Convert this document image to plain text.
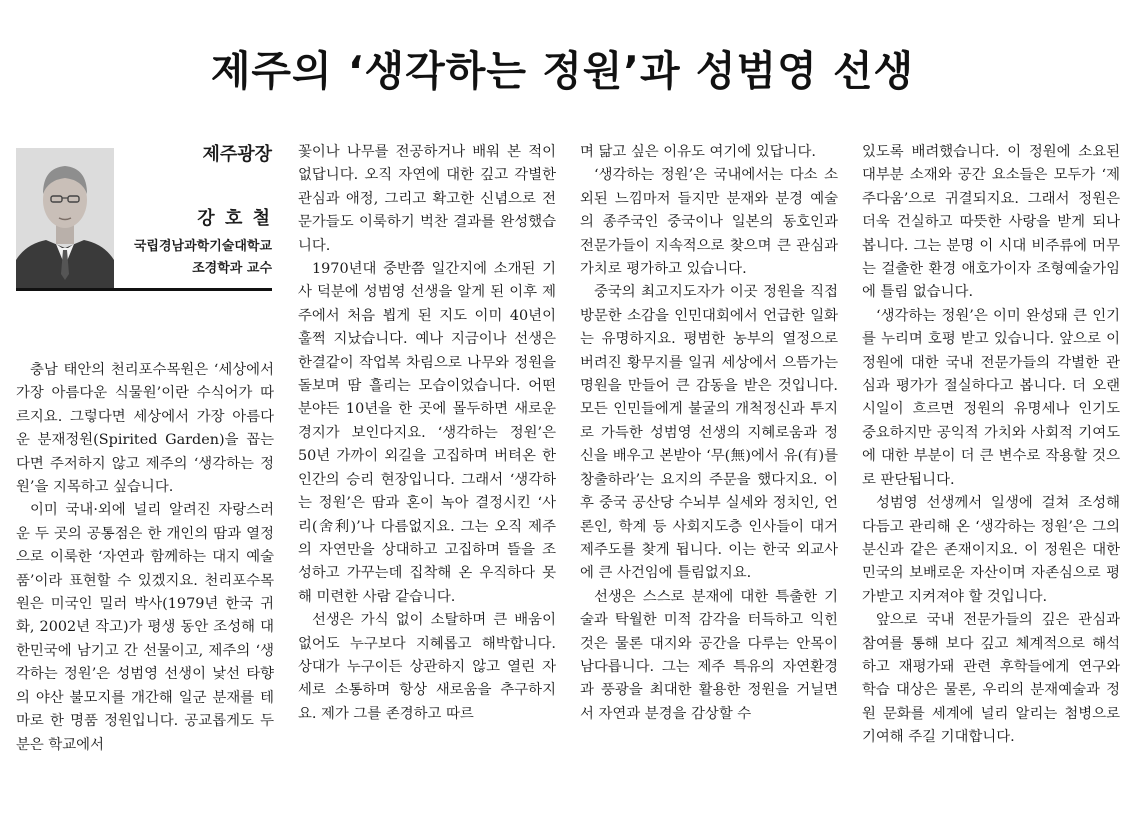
제주의 ‘생각하는 정원’과 성범영 선생
제주광장
강 호 철
국립경남과학기술대학교
조경학과 교수

충남 태안의 천리포수목원은 ‘세상에서 가장 아름다운 식물원’이란 수식어가 따르지요. 그렇다면 세상에서 가장 아름다운 분재정원(Spirited Garden)을 꼽는다면 주저하지 않고 제주의 ‘생각하는 정원’을 지목하고 싶습니다.

이미 국내·외에 널리 알려진 자랑스러운 두 곳의 공통점은 한 개인의 땀과 열정으로 이룩한 ‘자연과 함께하는 대지 예술품’이라 표현할 수 있겠지요. 천리포수목원은 미국인 밀러 박사(1979년 한국 귀화, 2002년 작고)가 평생 동안 조성해 대한민국에 남기고 간 선물이고, 제주의 ‘생각하는 정원’은 성범영 선생이 낯선 타향의 야산 불모지를 개간해 일군 분재를 테마로 한 명품 정원입니다. 공교롭게도 두 분은 학교에서

꽃이나 나무를 전공하거나 배워 본 적이 없답니다. 오직 자연에 대한 깊고 각별한 관심과 애정, 그리고 확고한 신념으로 전문가들도 이룩하기 벅찬 결과를 완성했습니다.

1970년대 중반쯤 일간지에 소개된 기사 덕분에 성범영 선생을 알게 된 이후 제주에서 처음 뵙게 된 지도 이미 40년이 훌쩍 지났습니다. 예나 지금이나 선생은 한결같이 작업복 차림으로 나무와 정원을 돌보며 땀 흘리는 모습이었습니다. 어떤 분야든 10년을 한 곳에 몰두하면 새로운 경지가 보인다지요. ‘생각하는 정원’은 50년 가까이 외길을 고집하며 버텨온 한 인간의 승리 현장입니다. 그래서 ‘생각하는 정원’은 땀과 혼이 녹아 결정시킨 ‘사리(舍利)’나 다름없지요. 그는 오직 제주의 자연만을 상대하고 고집하며 뜰을 조성하고 가꾸는데 집착해 온 우직하다 못 해 미련한 사람 같습니다.

선생은 가식 없이 소탈하며 큰 배움이 없어도 누구보다 지혜롭고 해박합니다. 상대가 누구이든 상관하지 않고 열린 자세로 소통하며 항상 새로움을 추구하지요. 제가 그를 존경하고 따르

며 닮고 싶은 이유도 여기에 있답니다.

‘생각하는 정원’은 국내에서는 다소 소외된 느낌마저 들지만 분재와 분경 예술의 종주국인 중국이나 일본의 동호인과 전문가들이 지속적으로 찾으며 큰 관심과 가치로 평가하고 있습니다.

중국의 최고지도자가 이곳 정원을 직접 방문한 소감을 인민대회에서 언급한 일화는 유명하지요. 평범한 농부의 열정으로 버려진 황무지를 일궈 세상에서 으뜸가는 명원을 만들어 큰 감동을 받은 것입니다. 모든 인민들에게 불굴의 개척정신과 투지로 가득한 성범영 선생의 지혜로움과 정신을 배우고 본받아 ‘무(無)에서 유(有)를 창출하라’는 요지의 주문을 했다지요. 이후 중국 공산당 수뇌부 실세와 정치인, 언론인, 학계 등 사회지도층 인사들이 대거 제주도를 찾게 됩니다. 이는 한국 외교사에 큰 사건임에 틀림없지요.

선생은 스스로 분재에 대한 특출한 기술과 탁월한 미적 감각을 터득하고 익힌 것은 물론 대지와 공간을 다루는 안목이 남다릅니다. 그는 제주 특유의 자연환경과 풍광을 최대한 활용한 정원을 거닐면서 자연과 분경을 감상할 수

있도록 배려했습니다. 이 정원에 소요된 대부분 소재와 공간 요소들은 모두가 ‘제주다움’으로 귀결되지요. 그래서 정원은 더욱 건실하고 따뜻한 사랑을 받게 되나 봅니다. 그는 분명 이 시대 비주류에 머무는 걸출한 환경 애호가이자 조형예술가임에 틀림 없습니다.

‘생각하는 정원’은 이미 완성돼 큰 인기를 누리며 호평 받고 있습니다. 앞으로 이 정원에 대한 국내 전문가들의 각별한 관심과 평가가 절실하다고 봅니다. 더 오랜 시일이 흐르면 정원의 유명세나 인기도 중요하지만 공익적 가치와 사회적 기여도에 대한 부분이 더 큰 변수로 작용할 것으로 판단됩니다.

성범영 선생께서 일생에 걸쳐 조성해 다듬고 관리해 온 ‘생각하는 정원’은 그의 분신과 같은 존재이지요. 이 정원은 대한민국의 보배로운 자산이며 자존심으로 평가받고 지켜져야 할 것입니다.

앞으로 국내 전문가들의 깊은 관심과 참여를 통해 보다 깊고 체계적으로 해석하고 재평가돼 관련 후학들에게 연구와 학습 대상은 물론, 우리의 분재예술과 정원 문화를 세계에 널리 알리는 첨병으로 기여해 주길 기대합니다.
